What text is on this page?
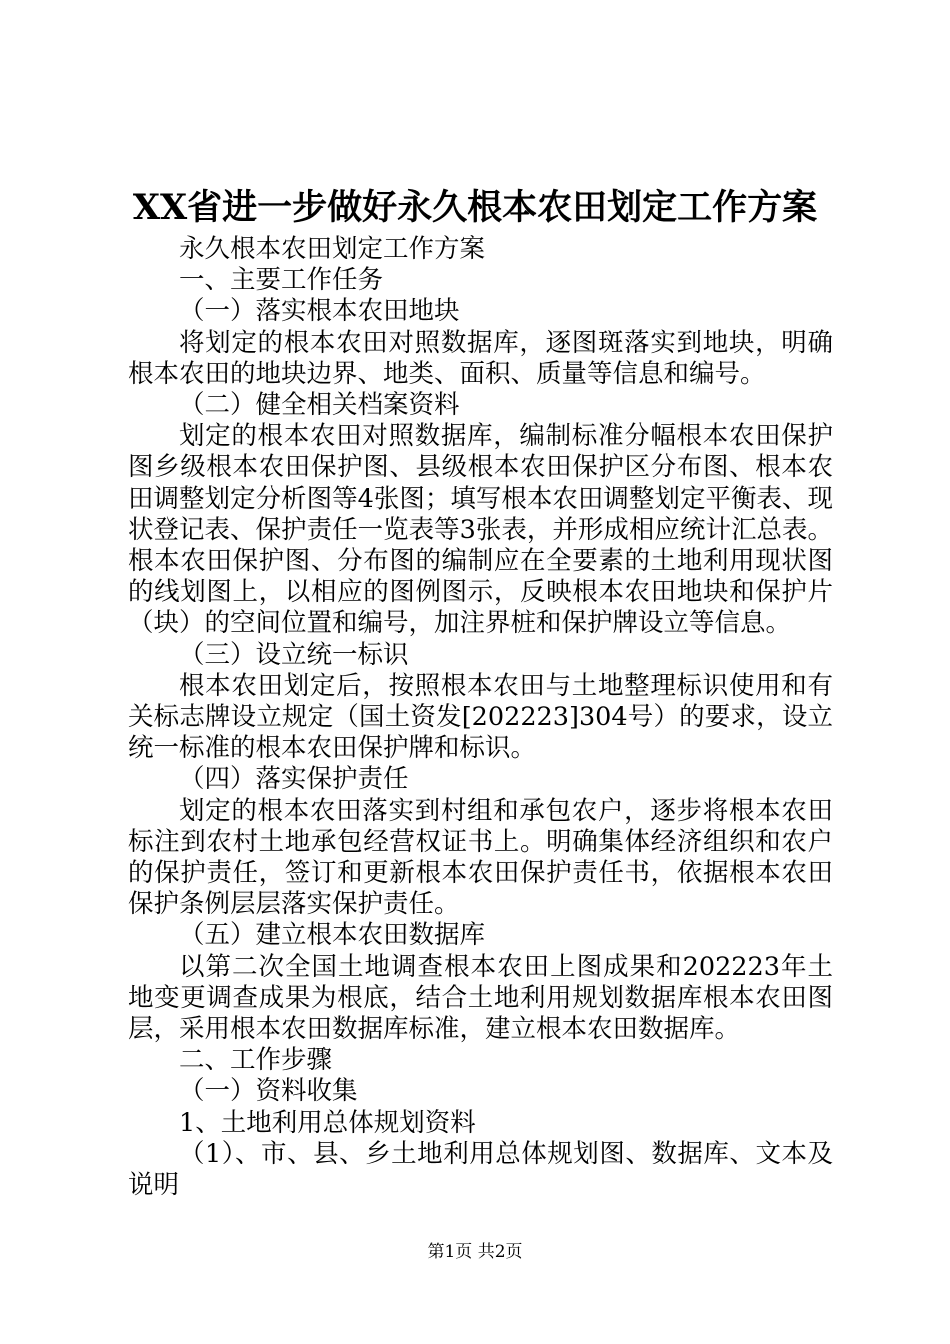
XX省进一步做好永久根本农田划定工作方案

永久根本农田划定工作方案

一、主要工作任务

（一）落实根本农田地块

将划定的根本农田对照数据库，逐图斑落实到地块，明确根本农田的地块边界、地类、面积、质量等信息和编号。

（二）健全相关档案资料

划定的根本农田对照数据库，编制标准分幅根本农田保护图乡级根本农田保护图、县级根本农田保护区分布图、根本农田调整划定分析图等4张图；填写根本农田调整划定平衡表、现状登记表、保护责任一览表等3张表，并形成相应统计汇总表。根本农田保护图、分布图的编制应在全要素的土地利用现状图的线划图上，以相应的图例图示，反映根本农田地块和保护片（块）的空间位置和编号，加注界桩和保护牌设立等信息。

（三）设立统一标识

根本农田划定后，按照根本农田与土地整理标识使用和有关标志牌设立规定（国土资发[202223]304号）的要求，设立统一标准的根本农田保护牌和标识。

（四）落实保护责任

划定的根本农田落实到村组和承包农户，逐步将根本农田标注到农村土地承包经营权证书上。明确集体经济组织和农户的保护责任，签订和更新根本农田保护责任书，依据根本农田保护条例层层落实保护责任。

（五）建立根本农田数据库

以第二次全国土地调查根本农田上图成果和202223年土地变更调查成果为根底，结合土地利用规划数据库根本农田图层，采用根本农田数据库标准，建立根本农田数据库。

二、工作步骤

（一）资料收集

1、土地利用总体规划资料

（1）、市、县、乡土地利用总体规划图、数据库、文本及说明

第1页 共2页
